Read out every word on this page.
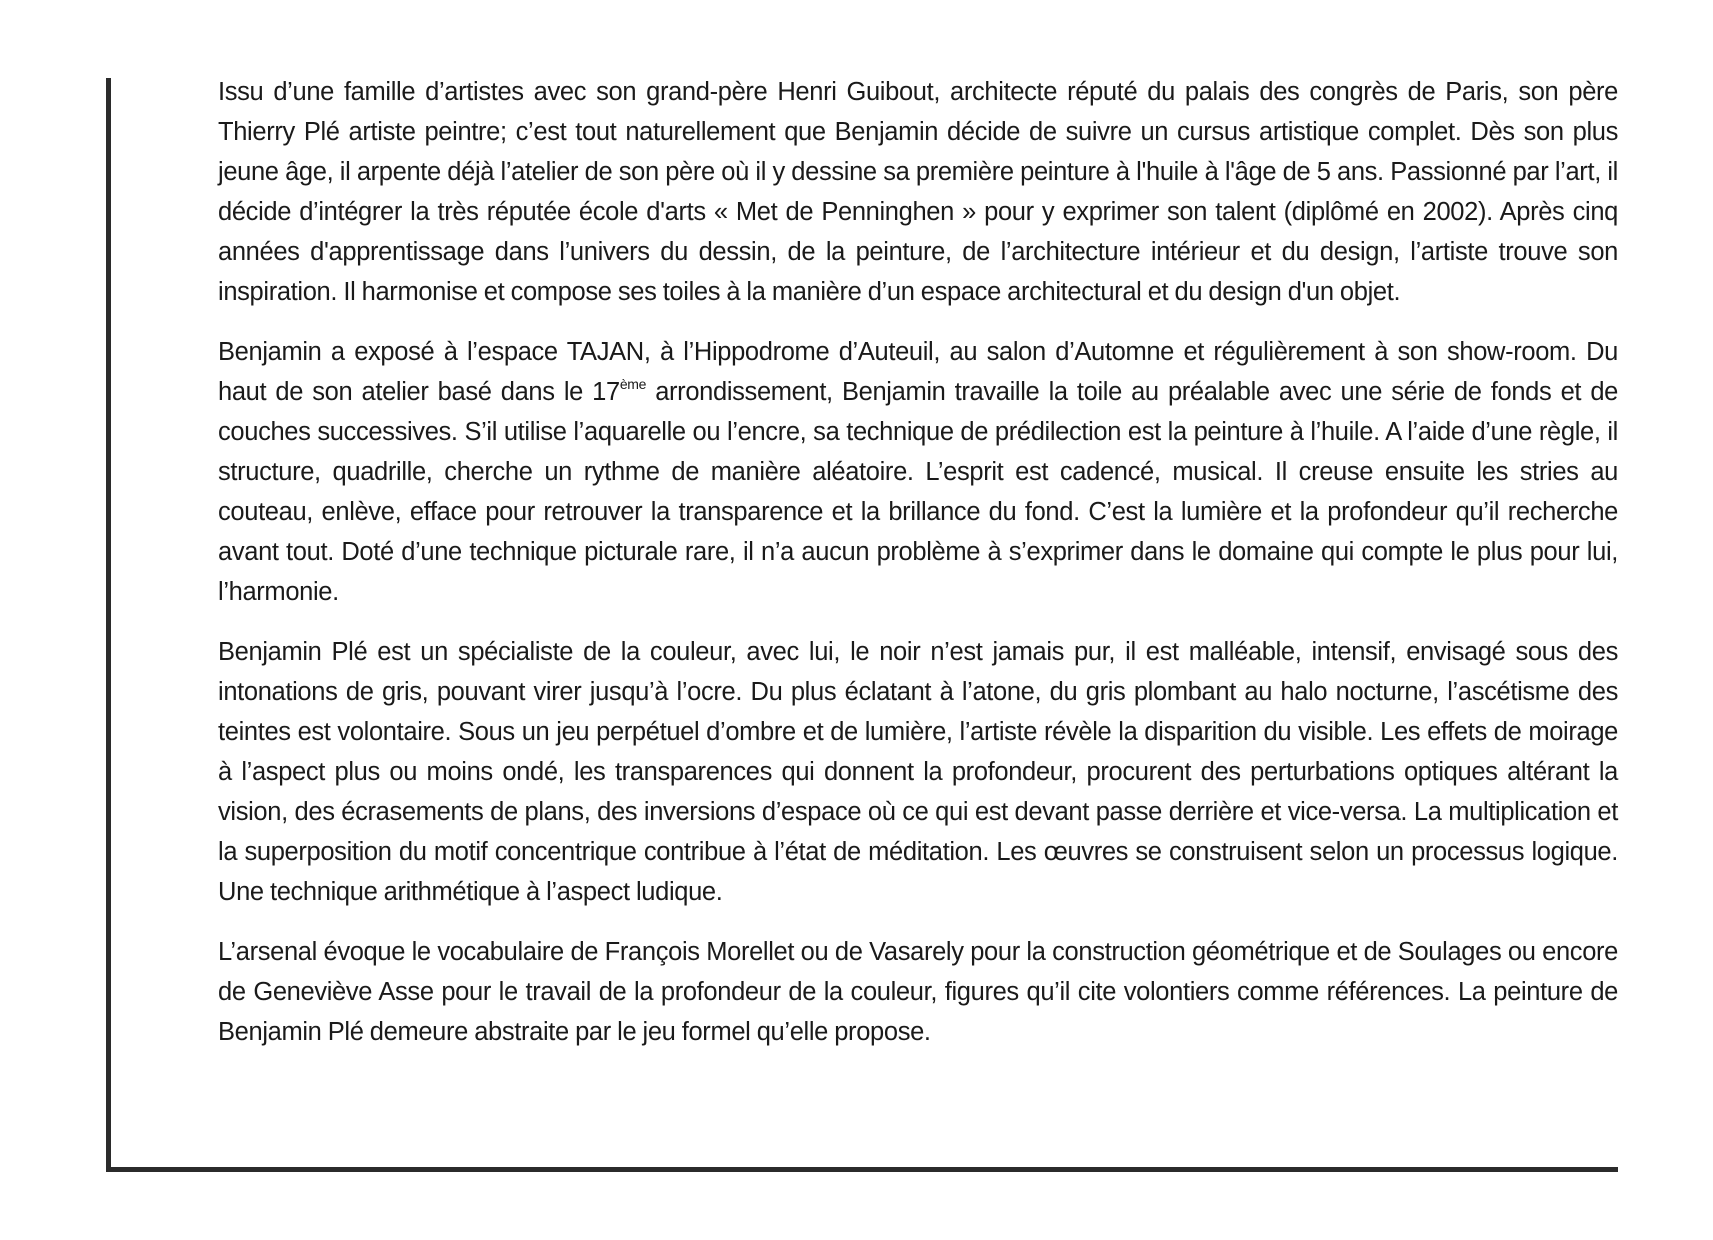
Issu d’une famille d’artistes avec son grand-père Henri Guibout, architecte réputé du palais des congrès de Paris, son père Thierry Plé artiste peintre; c’est tout naturellement que Benjamin décide de suivre un cursus artistique complet. Dès son plus jeune âge, il arpente déjà l’atelier de son père où il y dessine sa première peinture à l'huile à l'âge de 5 ans. Passionné par l’art, il décide d’intégrer la très réputée école d'arts « Met de Penninghen » pour y exprimer son talent (diplômé en 2002). Après cinq années d'apprentissage dans l’univers du dessin, de la peinture, de l’architecture intérieur et du design, l’artiste trouve son inspiration. Il harmonise et compose ses toiles à la manière d’un espace architectural et du design d'un objet.

Benjamin a exposé à l’espace TAJAN, à l’Hippodrome d’Auteuil, au salon d’Automne et régulièrement à son show-room. Du haut de son atelier basé dans le 17ème arrondissement, Benjamin travaille la toile au préalable avec une série de fonds et de couches successives. S’il utilise l’aquarelle ou l’encre, sa technique de prédilection est la peinture à l’huile. A l’aide d’une règle, il structure, quadrille, cherche un rythme de manière aléatoire. L’esprit est cadencé, musical. Il creuse ensuite les stries au couteau, enlève, efface pour retrouver la transparence et la brillance du fond. C’est la lumière et la profondeur qu’il recherche avant tout. Doté d’une technique picturale rare, il n’a aucun problème à s’exprimer dans le domaine qui compte le plus pour lui, l’harmonie.

Benjamin Plé est un spécialiste de la couleur, avec lui, le noir n’est jamais pur, il est malléable, intensif, envisagé sous des intonations de gris, pouvant virer jusqu’à l’ocre. Du plus éclatant à l’atone, du gris plombant au halo nocturne, l’ascétisme des teintes est volontaire. Sous un jeu perpétuel d’ombre et de lumière, l’artiste révèle la disparition du visible. Les effets de moirage à l’aspect plus ou moins ondé, les transparences qui donnent la profondeur, procurent des perturbations optiques altérant la vision, des écrasements de plans, des inversions d’espace où ce qui est devant passe derrière et vice-versa. La multiplication et la superposition du motif concentrique contribue à l’état de méditation. Les œuvres se construisent selon un processus logique. Une technique arithmétique à l’aspect ludique.

L’arsenal évoque le vocabulaire de François Morellet ou de Vasarely pour la construction géométrique et de Soulages ou encore de Geneviève Asse pour le travail de la profondeur de la couleur, figures qu’il cite volontiers comme références. La peinture de Benjamin Plé demeure abstraite par le jeu formel qu’elle propose.
